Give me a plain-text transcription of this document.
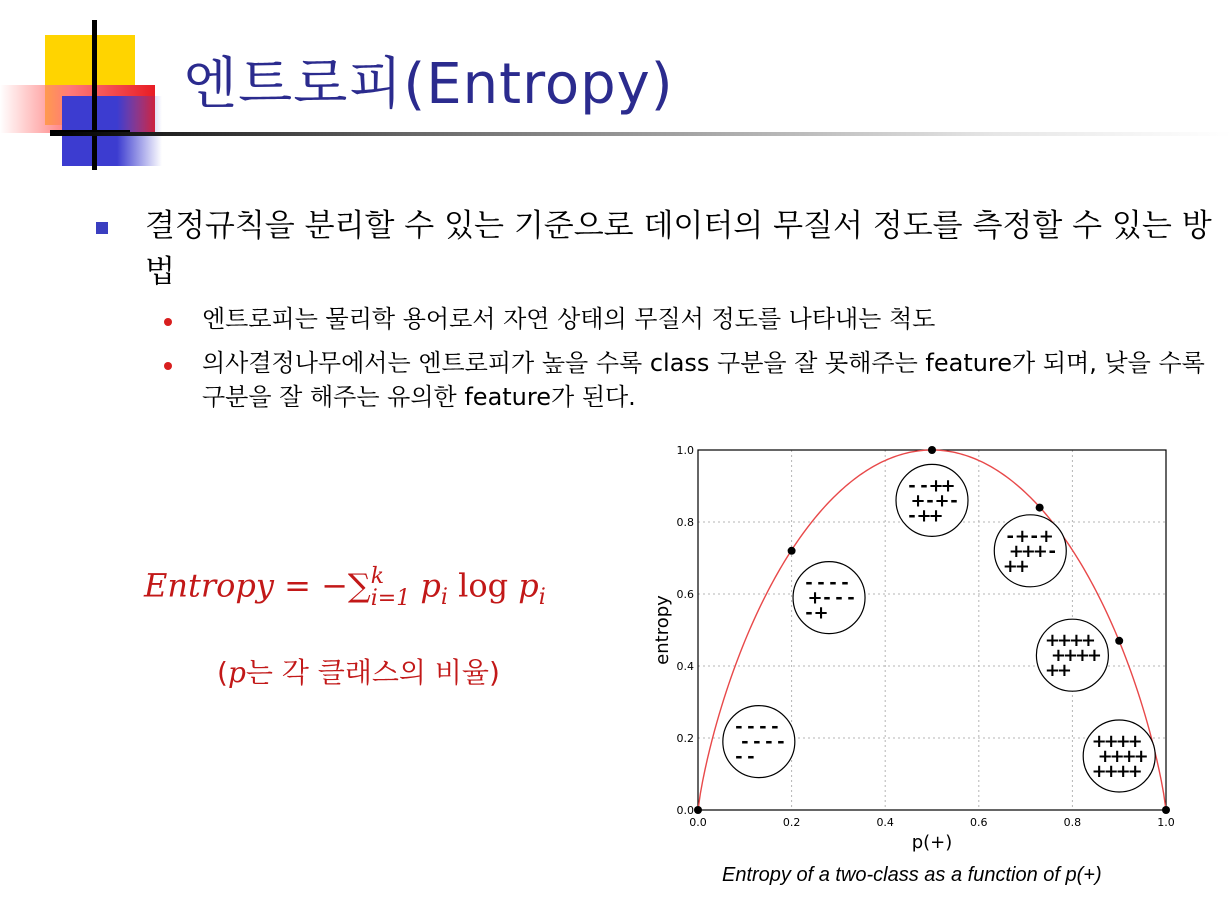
엔트로피(Entropy)
결정규칙을 분리할 수 있는 기준으로 데이터의 무질서 정도를 측정할 수 있는 방법
엔트로피는 물리학 용어로서 자연 상태의 무질서 정도를 나타내는 척도
의사결정나무에서는 엔트로피가 높을 수록 class 구분을 잘 못해주는 feature가 되며, 낮을 수록 구분을 잘 해주는 유의한 feature가 된다.
Entropy = −∑ k
i=1 $p_i$ $\log p_i$
(p는 각 클래스의 비율)
0.0	0.2	0.4	0.6	0.8	1.0
0.0
0.2
0.4
0.6
0.8
1.0
- - - -
- - - -
- -
- - - -
+ - - -
- +
- - +
+
+ - + -
- +
+
- + - +
+
+
+ -
+
+
+
+
+
+
+
+
+
+
+
+
+
+
+
+
+
+
+
+
+
+
+
+
p(+)
entropy
Entropy of a two-class as a function of p(+)
